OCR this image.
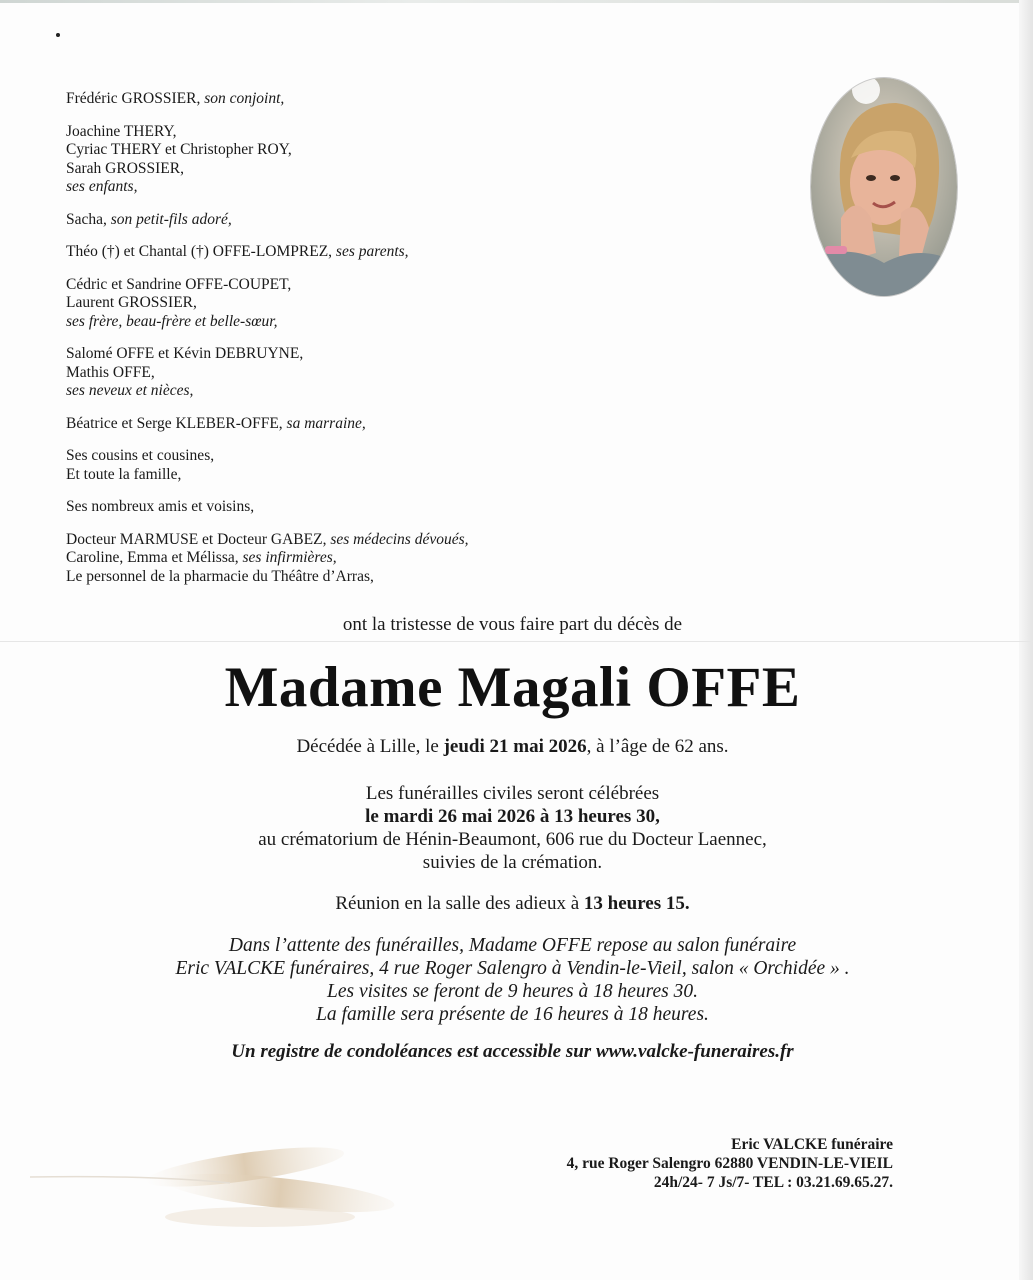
Frédéric GROSSIER, son conjoint,
Joachine THERY,
Cyriac THERY et Christopher ROY,
Sarah GROSSIER,
ses enfants,
Sacha, son petit-fils adoré,
Théo (†) et Chantal (†) OFFE-LOMPREZ, ses parents,
Cédric et Sandrine OFFE-COUPET,
Laurent GROSSIER,
ses frère, beau-frère et belle-sœur,
Salomé OFFE et Kévin DEBRUYNE,
Mathis OFFE,
ses neveux et nièces,
Béatrice et Serge KLEBER-OFFE, sa marraine,
Ses cousins et cousines,
Et toute la famille,
Ses nombreux amis et voisins,
Docteur MARMUSE et Docteur GABEZ, ses médecins dévoués,
Caroline, Emma et Mélissa, ses infirmières,
Le personnel de la pharmacie du Théâtre d’Arras,
ont la tristesse de vous faire part du décès de
Madame Magali OFFE
Décédée à Lille, le jeudi 21 mai 2026, à l’âge de 62 ans.
Les funérailles civiles seront célébrées
le mardi 26 mai 2026 à 13 heures 30,
au crématorium de Hénin-Beaumont, 606 rue du Docteur Laennec,
suivies de la crémation.
Réunion en la salle des adieux à 13 heures 15.
Dans l’attente des funérailles, Madame OFFE repose au salon funéraire
Eric VALCKE funéraires, 4 rue Roger Salengro à Vendin-le-Vieil, salon « Orchidée » .
Les visites se feront de 9 heures à 18 heures 30.
La famille sera présente de 16 heures à 18 heures.
Un registre de condoléances est accessible sur www.valcke-funeraires.fr
Eric VALCKE funéraire
4, rue Roger Salengro 62880 VENDIN-LE-VIEIL
24h/24- 7 Js/7- TEL : 03.21.69.65.27.
